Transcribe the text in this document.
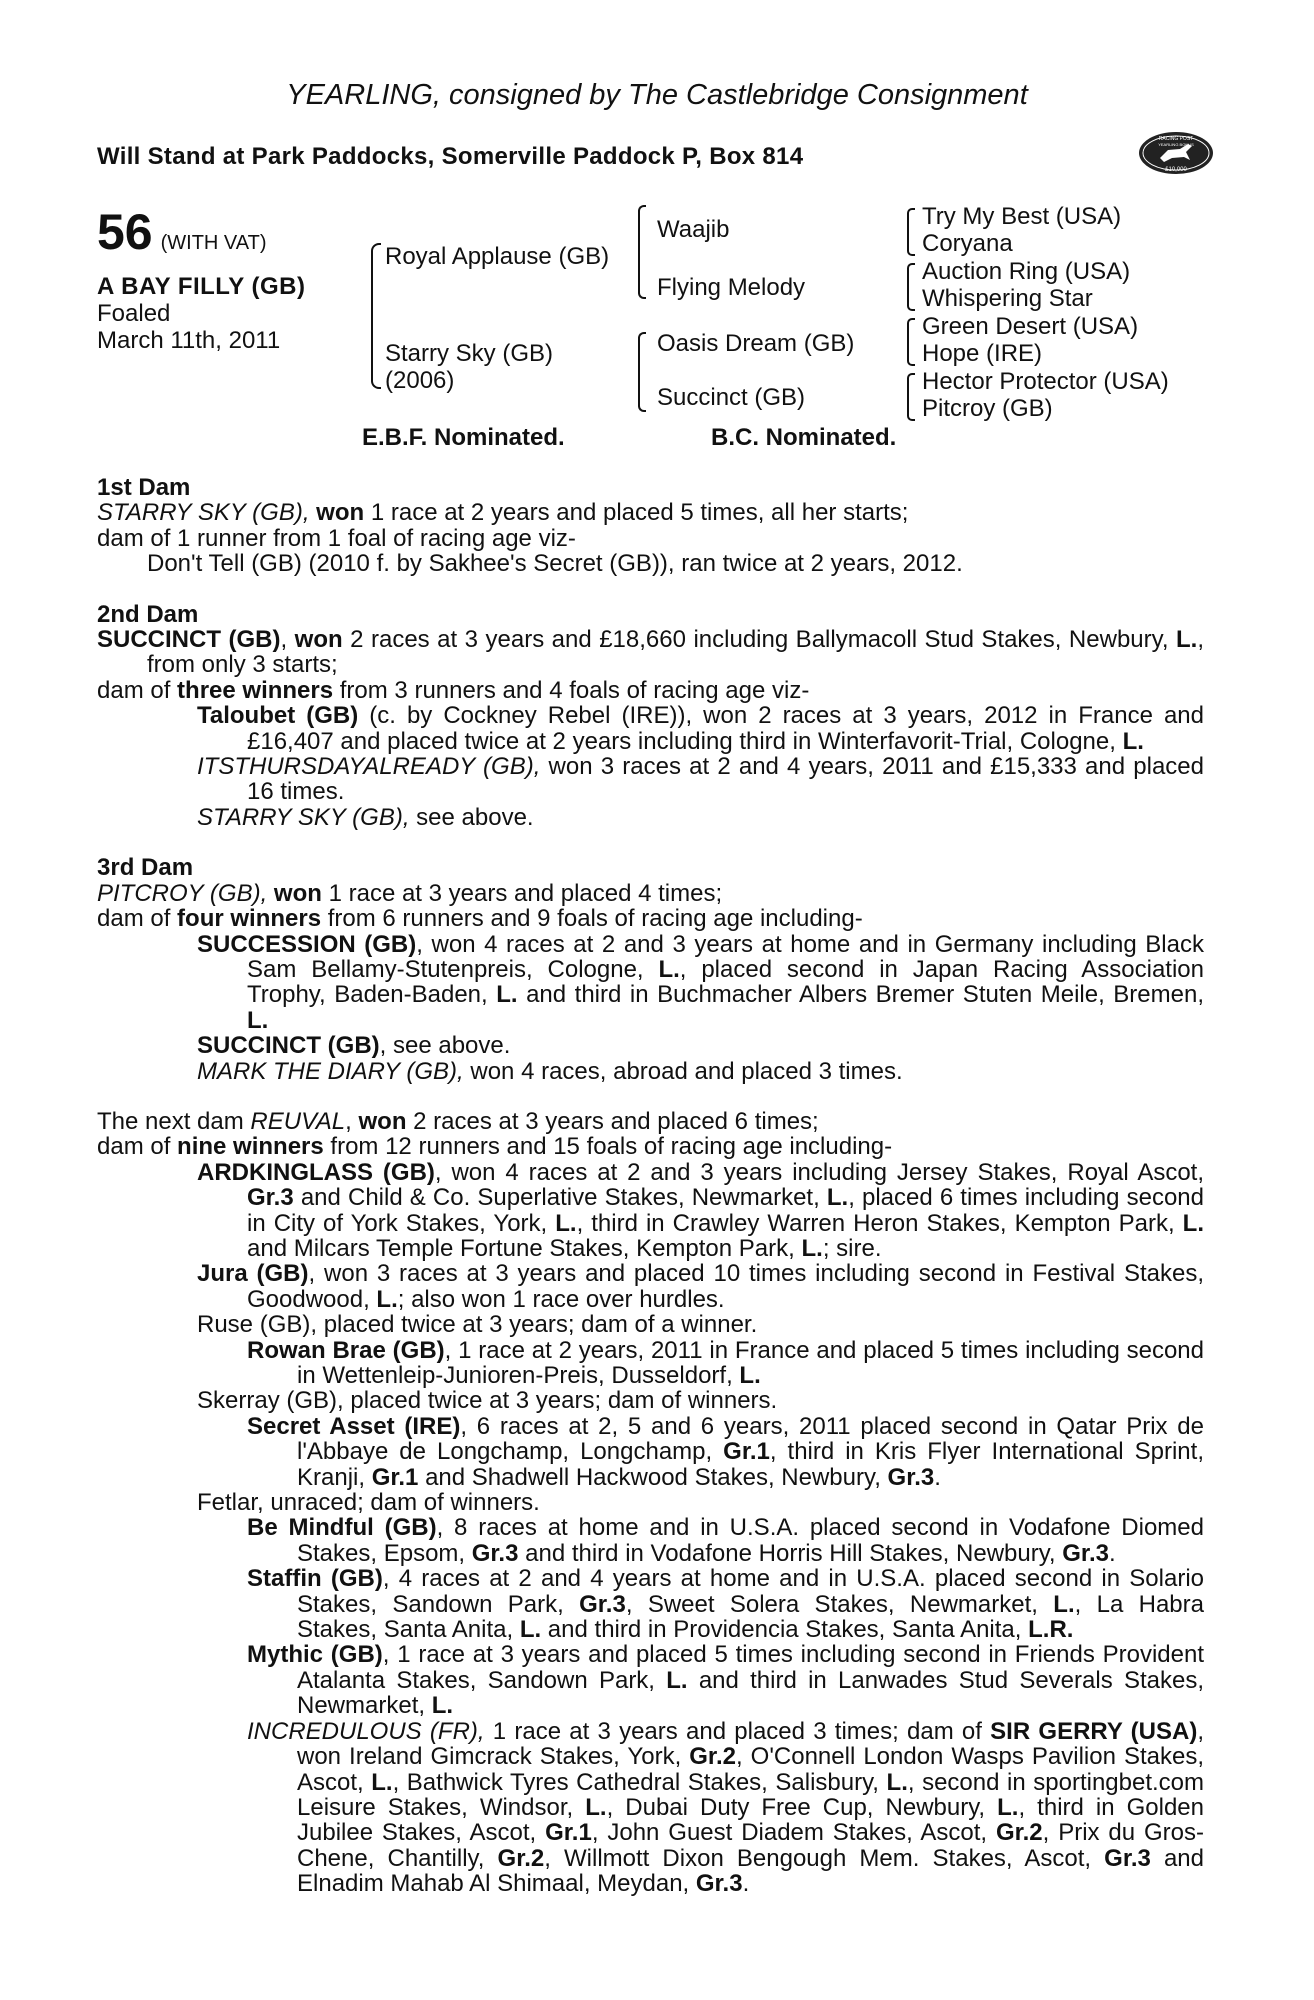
YEARLING, consigned by The Castlebridge Consignment
Will Stand at Park Paddocks, Somerville Paddock P, Box 814
RACING POST
YEARLING BONUS
£10,000
56 (WITH VAT)
A BAY FILLY (GB)
Foaled
March 11th, 2011
Royal Applause (GB)
Starry Sky (GB)
(2006)
Waajib
Flying Melody
Oasis Dream (GB)
Succinct (GB)
Try My Best (USA)
Coryana
Auction Ring (USA)
Whispering Star
Green Desert (USA)
Hope (IRE)
Hector Protector (USA)
Pitcroy (GB)
E.B.F. Nominated.	B.C. Nominated.

1st Dam

STARRY SKY (GB), won 1 race at 2 years and placed 5 times, all her starts;

dam of 1 runner from 1 foal of racing age viz-

Don't Tell (GB) (2010 f. by Sakhee's Secret (GB)), ran twice at 2 years, 2012.

2nd Dam

SUCCINCT (GB), won 2 races at 3 years and £18,660 including Ballymacoll Stud Stakes, Newbury, L., from only 3 starts;

dam of three winners from 3 runners and 4 foals of racing age viz-

Taloubet (GB) (c. by Cockney Rebel (IRE)), won 2 races at 3 years, 2012 in France and £16,407 and placed twice at 2 years including third in Winterfavorit-Trial, Cologne, L.

ITSTHURSDAYALREADY (GB), won 3 races at 2 and 4 years, 2011 and £15,333 and placed 16 times.

STARRY SKY (GB), see above.

3rd Dam

PITCROY (GB), won 1 race at 3 years and placed 4 times;

dam of four winners from 6 runners and 9 foals of racing age including-

SUCCESSION (GB), won 4 races at 2 and 3 years at home and in Germany including Black Sam Bellamy-Stutenpreis, Cologne, L., placed second in Japan Racing Association Trophy, Baden-Baden, L. and third in Buchmacher Albers Bremer Stuten Meile, Bremen, L.

SUCCINCT (GB), see above.

MARK THE DIARY (GB), won 4 races, abroad and placed 3 times.

The next dam REUVAL, won 2 races at 3 years and placed 6 times;

dam of nine winners from 12 runners and 15 foals of racing age including-

ARDKINGLASS (GB), won 4 races at 2 and 3 years including Jersey Stakes, Royal Ascot, Gr.3 and Child & Co. Superlative Stakes, Newmarket, L., placed 6 times including second in City of York Stakes, York, L., third in Crawley Warren Heron Stakes, Kempton Park, L. and Milcars Temple Fortune Stakes, Kempton Park, L.; sire.

Jura (GB), won 3 races at 3 years and placed 10 times including second in Festival Stakes, Goodwood, L.; also won 1 race over hurdles.

Ruse (GB), placed twice at 3 years; dam of a winner.

Rowan Brae (GB), 1 race at 2 years, 2011 in France and placed 5 times including second in Wettenleip-Junioren-Preis, Dusseldorf, L.

Skerray (GB), placed twice at 3 years; dam of winners.

Secret Asset (IRE), 6 races at 2, 5 and 6 years, 2011 placed second in Qatar Prix de l'Abbaye de Longchamp, Longchamp, Gr.1, third in Kris Flyer International Sprint, Kranji, Gr.1 and Shadwell Hackwood Stakes, Newbury, Gr.3.

Fetlar, unraced; dam of winners.

Be Mindful (GB), 8 races at home and in U.S.A. placed second in Vodafone Diomed Stakes, Epsom, Gr.3 and third in Vodafone Horris Hill Stakes, Newbury, Gr.3.

Staffin (GB), 4 races at 2 and 4 years at home and in U.S.A. placed second in Solario Stakes, Sandown Park, Gr.3, Sweet Solera Stakes, Newmarket, L., La Habra Stakes, Santa Anita, L. and third in Providencia Stakes, Santa Anita, L.R.

Mythic (GB), 1 race at 3 years and placed 5 times including second in Friends Provident Atalanta Stakes, Sandown Park, L. and third in Lanwades Stud Severals Stakes, Newmarket, L.

INCREDULOUS (FR), 1 race at 3 years and placed 3 times; dam of SIR GERRY (USA), won Ireland Gimcrack Stakes, York, Gr.2, O'Connell London Wasps Pavilion Stakes, Ascot, L., Bathwick Tyres Cathedral Stakes, Salisbury, L., second in sportingbet.com Leisure Stakes, Windsor, L., Dubai Duty Free Cup, Newbury, L., third in Golden Jubilee Stakes, Ascot, Gr.1, John Guest Diadem Stakes, Ascot, Gr.2, Prix du Gros-Chene, Chantilly, Gr.2, Willmott Dixon Bengough Mem. Stakes, Ascot, Gr.3 and Elnadim Mahab Al Shimaal, Meydan, Gr.3.
